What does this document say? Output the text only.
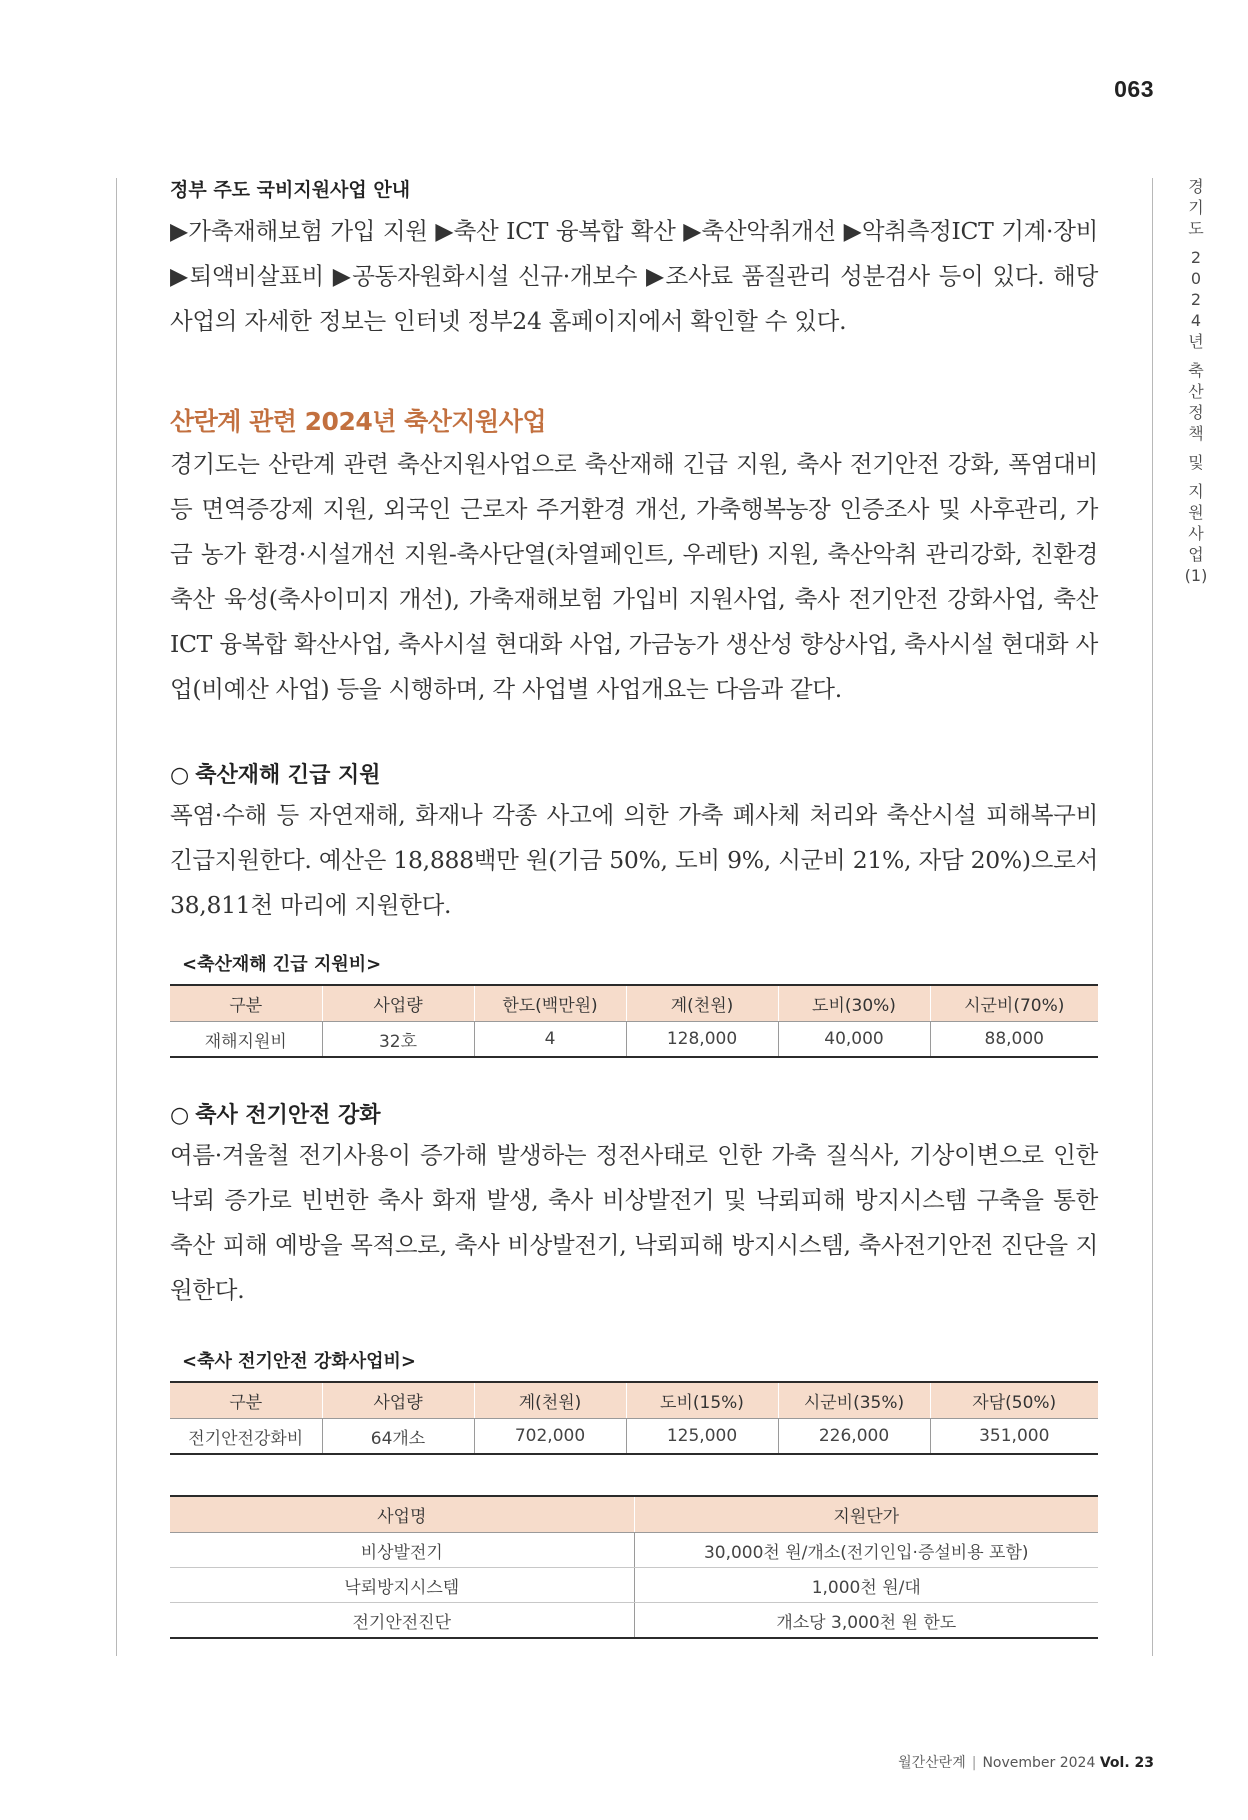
063
경
기
도
2
0
2
4
년
축
산
정
책
및
지
원
사
업
(1)
정부 주도 국비지원사업 안내

▶가축재해보험 가입 지원 ▶축산 ICT 융복합 확산 ▶축산악취개선 ▶악취측정ICT 기계·장비 ▶퇴액비살표비 ▶공동자원화시설 신규·개보수 ▶조사료 품질관리 성분검사 등이 있다. 해당 사업의 자세한 정보는 인터넷 정부24 홈페이지에서 확인할 수 있다.

산란계 관련 2024년 축산지원사업

경기도는 산란계 관련 축산지원사업으로 축산재해 긴급 지원, 축사 전기안전 강화, 폭염대비 등 면역증강제 지원, 외국인 근로자 주거환경 개선, 가축행복농장 인증조사 및 사후관리, 가금 농가 환경·시설개선 지원-축사단열(차열페인트, 우레탄) 지원, 축산악취 관리강화, 친환경 축산 육성(축사이미지 개선), 가축재해보험 가입비 지원사업, 축사 전기안전 강화사업, 축산 ICT 융복합 확산사업, 축사시설 현대화 사업, 가금농가 생산성 향상사업, 축사시설 현대화 사업(비예산 사업) 등을 시행하며, 각 사업별 사업개요는 다음과 같다.

○ 축산재해 긴급 지원

폭염·수해 등 자연재해, 화재나 각종 사고에 의한 가축 폐사체 처리와 축산시설 피해복구비 긴급지원한다. 예산은 18,888백만 원(기금 50%, 도비 9%, 시군비 21%, 자담 20%)으로서 38,811천 마리에 지원한다.

<축산재해 긴급 지원비>
구분	사업량	한도(백만원)	계(천원)	도비(30%)	시군비(70%)
재해지원비	32호	4	128,000	40,000	88,000
○ 축사 전기안전 강화

여름·겨울철 전기사용이 증가해 발생하는 정전사태로 인한 가축 질식사, 기상이변으로 인한 낙뢰 증가로 빈번한 축사 화재 발생, 축사 비상발전기 및 낙뢰피해 방지시스템 구축을 통한 축산 피해 예방을 목적으로, 축사 비상발전기, 낙뢰피해 방지시스템, 축사전기안전 진단을 지원한다.

<축사 전기안전 강화사업비>
구분	사업량	계(천원)	도비(15%)	시군비(35%)	자담(50%)
전기안전강화비	64개소	702,000	125,000	226,000	351,000
사업명	지원단가
비상발전기	30,000천 원/개소(전기인입·증설비용 포함)
낙뢰방지시스템	1,000천 원/대
전기안전진단	개소당 3,000천 원 한도
월간산란계 | November 2024 Vol. 23
